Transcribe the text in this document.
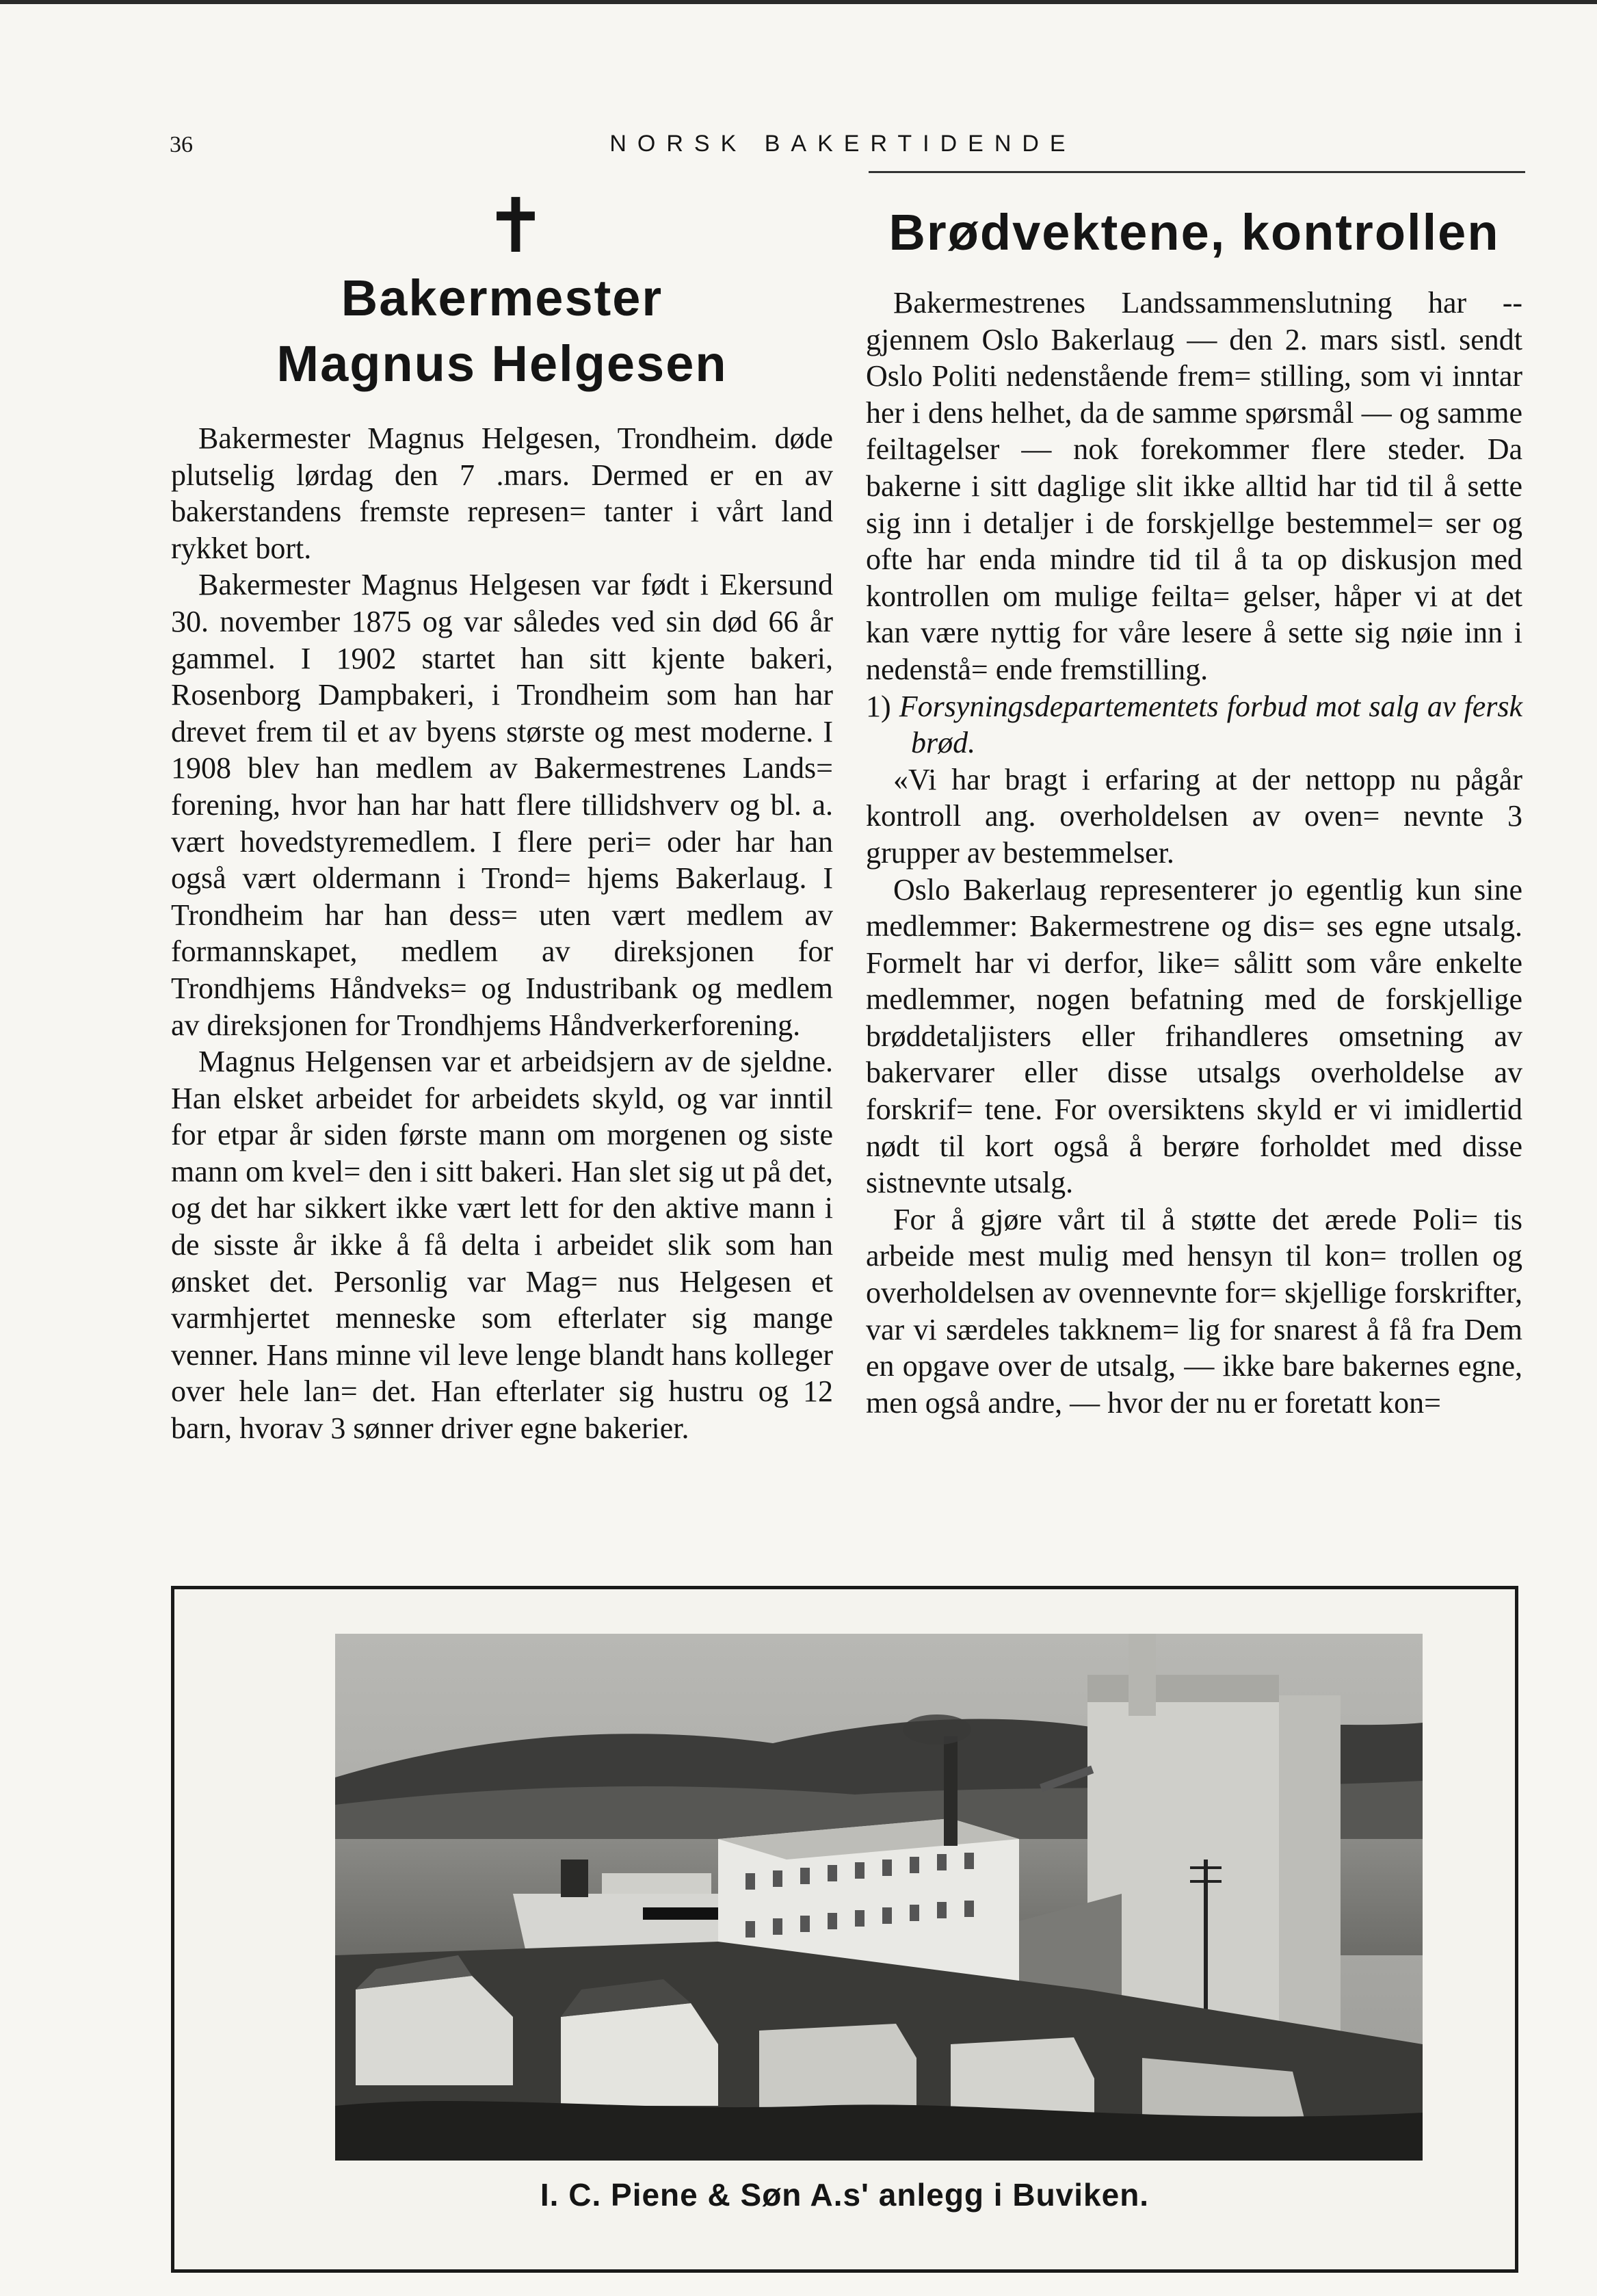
36	NORSK BAKERTIDENDE
✝
Bakermester
Magnus Helgesen

Bakermester Magnus Helgesen, Trondheim. døde plutselig lørdag den 7 .mars. Dermed er en av bakerstandens fremste represen= tanter i vårt land rykket bort.

Bakermester Magnus Helgesen var født i Ekersund 30. november 1875 og var således ved sin død 66 år gammel. I 1902 startet han sitt kjente bakeri, Rosenborg Dampbakeri, i Trondheim som han har drevet frem til et av byens største og mest moderne. I 1908 blev han medlem av Bakermestrenes Lands= forening, hvor han har hatt flere tillidshverv og bl. a. vært hovedstyremedlem. I flere peri= oder har han også vært oldermann i Trond= hjems Bakerlaug. I Trondheim har han dess= uten vært medlem av formannskapet, medlem av direksjonen for Trondhjems Håndveks= og Industribank og medlem av direksjonen for Trondhjems Håndverkerforening.

Magnus Helgensen var et arbeidsjern av de sjeldne. Han elsket arbeidet for arbeidets skyld, og var inntil for etpar år siden første mann om morgenen og siste mann om kvel= den i sitt bakeri. Han slet sig ut på det, og det har sikkert ikke vært lett for den aktive mann i de sisste år ikke å få delta i arbeidet slik som han ønsket det. Personlig var Mag= nus Helgesen et varmhjertet menneske som efterlater sig mange venner. Hans minne vil leve lenge blandt hans kolleger over hele lan= det. Han efterlater sig hustru og 12 barn, hvorav 3 sønner driver egne bakerier.

Brødvektene, kontrollen

Bakermestrenes Landssammenslutning har -- gjennem Oslo Bakerlaug — den 2. mars sistl. sendt Oslo Politi nedenstående frem= stilling, som vi inntar her i dens helhet, da de samme spørsmål — og samme feiltagelser — nok forekommer flere steder. Da bakerne i sitt daglige slit ikke alltid har tid til å sette sig inn i detaljer i de forskjellge bestemmel= ser og ofte har enda mindre tid til å ta op diskusjon med kontrollen om mulige feilta= gelser, håper vi at det kan være nyttig for våre lesere å sette sig nøie inn i nedenstå= ende fremstilling.

1) Forsyningsdepartementets forbud mot salg av fersk brød.

«Vi har bragt i erfaring at der nettopp nu pågår kontroll ang. overholdelsen av oven= nevnte 3 grupper av bestemmelser.

Oslo Bakerlaug representerer jo egentlig kun sine medlemmer: Bakermestrene og dis= ses egne utsalg. Formelt har vi derfor, like= sålitt som våre enkelte medlemmer, nogen befatning med de forskjellige brøddetaljisters eller frihandleres omsetning av bakervarer eller disse utsalgs overholdelse av forskrif= tene. For oversiktens skyld er vi imidlertid nødt til kort også å berøre forholdet med disse sistnevnte utsalg.

For å gjøre vårt til å støtte det ærede Poli= tis arbeide mest mulig med hensyn til kon= trollen og overholdelsen av ovennevnte for= skjellige forskrifter, var vi særdeles takknem= lig for snarest å få fra Dem en opgave over de utsalg, — ikke bare bakernes egne, men også andre, — hvor der nu er foretatt kon=

I. C. Piene & Søn A.s' anlegg i Buviken.
